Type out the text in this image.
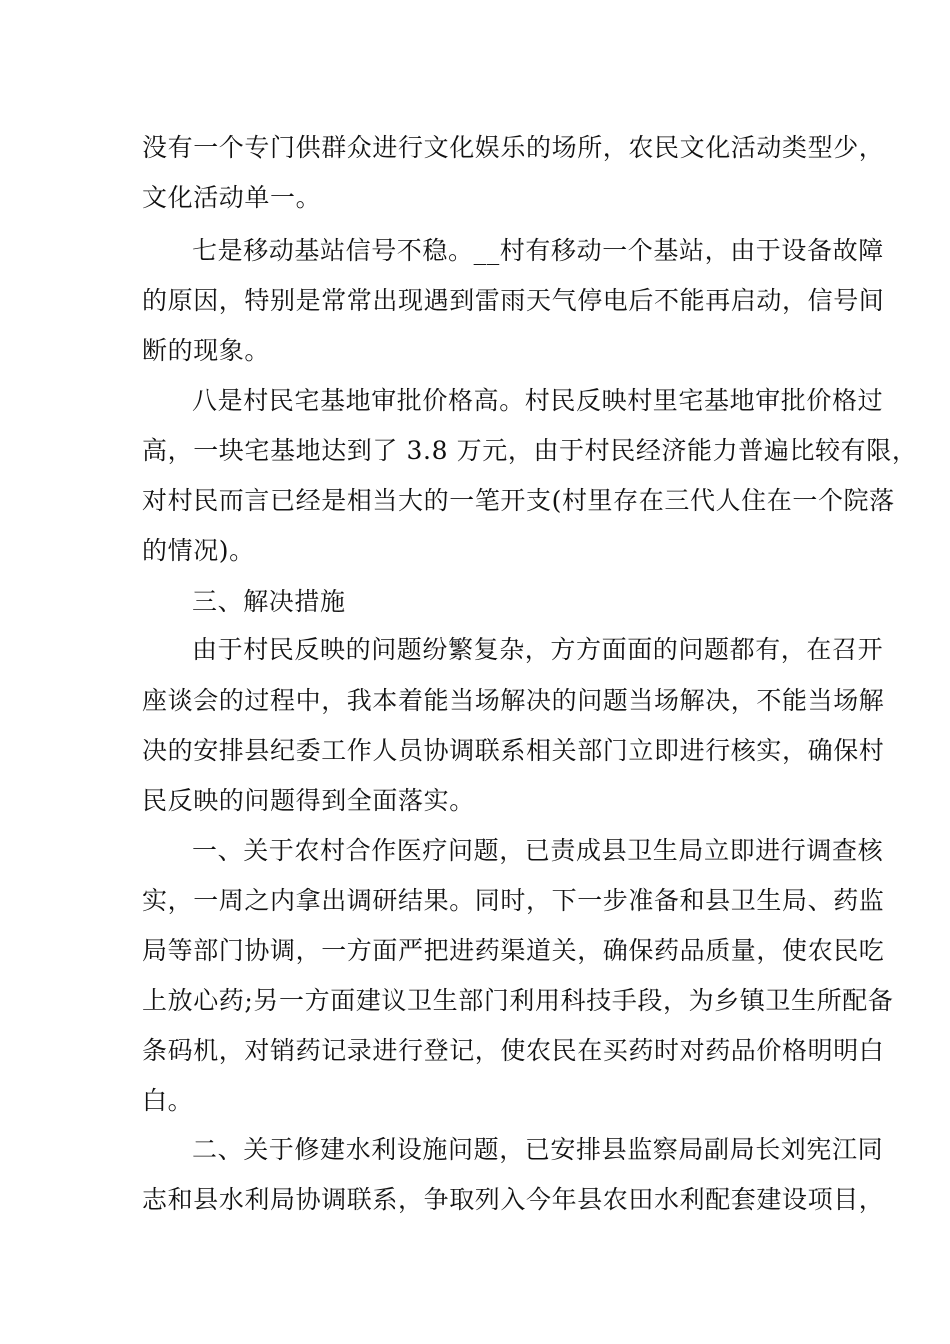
没有一个专门供群众进行文化娱乐的场所，农民文化活动类型少，
文化活动单一。
七是移动基站信号不稳。__村有移动一个基站，由于设备故障
的原因，特别是常常出现遇到雷雨天气停电后不能再启动，信号间
断的现象。
八是村民宅基地审批价格高。村民反映村里宅基地审批价格过
高，一块宅基地达到了 3.8 万元，由于村民经济能力普遍比较有限，
对村民而言已经是相当大的一笔开支(村里存在三代人住在一个院落
的情况)。
三、解决措施
由于村民反映的问题纷繁复杂，方方面面的问题都有，在召开
座谈会的过程中，我本着能当场解决的问题当场解决，不能当场解
决的安排县纪委工作人员协调联系相关部门立即进行核实，确保村
民反映的问题得到全面落实。
一、关于农村合作医疗问题，已责成县卫生局立即进行调查核
实，一周之内拿出调研结果。同时，下一步准备和县卫生局、药监
局等部门协调，一方面严把进药渠道关，确保药品质量，使农民吃
上放心药;另一方面建议卫生部门利用科技手段，为乡镇卫生所配备
条码机，对销药记录进行登记，使农民在买药时对药品价格明明白
白。
二、关于修建水利设施问题，已安排县监察局副局长刘宪江同
志和县水利局协调联系，争取列入今年县农田水利配套建设项目，
